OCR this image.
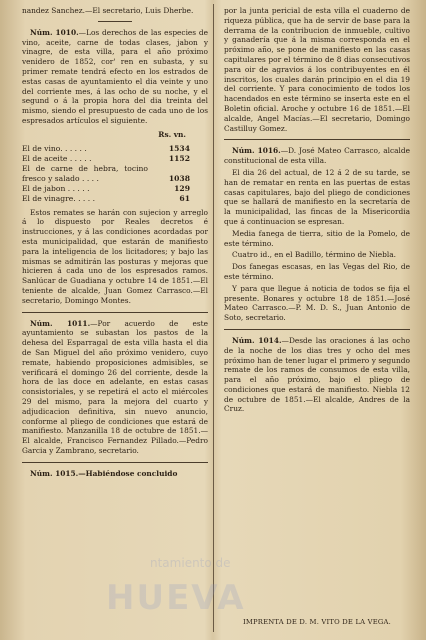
nandez Sanchez.—El secretario, Luis Dherbe.

Núm. 1010.—Los derechos de las especies de vino, aceite, carne de todas clases, jabon y vinagre, de esta villa, para el año próximo venidero de 1852, cor' ren en subasta, y su primer remate tendrá efecto en los estrados de estas casas de ayuntamiento el dia veinte y uno del corriente mes, á las ocho de su noche, y el segund o á la propia hora del dia treinta del mismo, siendo el presupuesto de cada uno de los espresados artículos el siguiente.

Rs. vn.
El de vino. . . . . .	1534
El de aceite . . . . .	1152
El de carne de hebra, tocino fresco y salado . . . .	1038
El de jabon . . . . .	129
El de vinagre. . . . .	61

Estos remates se harán con sujecion y arreglo á lo dispuesto por Reales decretos é instrucciones, y á las condiciones acordadas por esta municipalidad, que estarán de manifiesto para la inteligencia de los licitadores; y bajo las mismas se admitirán las posturas y mejoras que hicieren á cada uno de los espresados ramos. Sanlúcar de Guadiana y octubre 14 de 1851.—El teniente de alcalde, Juan Gomez Carrasco.—El secretario, Domingo Montes.

Núm. 1011.—Por acuerdo de este ayuntamiento se subastan los pastos de la dehesa del Esparragal de esta villa hasta el dia de San Miguel del año próximo venidero, cuyo remate, habiendo proposiciones admisibles, se verificará el domingo 26 del corriente, desde la hora de las doce en adelante, en estas casas consistoriales, y se repetirá el acto el miércoles 29 del mismo, para la mejora del cuarto y adjudicacion definitiva, sin nuevo anuncio, conforme al pliego de condiciones que estará de manifiesto. Manzanilla 18 de octubre de 1851.—El alcalde, Francisco Fernandez Pillado.—Pedro Garcia y Zambrano, secretario.

Núm. 1015.—Habiéndose concluido

por la junta pericial de esta villa el cuaderno de riqueza pública, que ha de servir de base para la derrama de la contribucion de inmueble, cultivo y ganadería que á la misma corresponda en el próximo año, se pone de manifiesto en las casas capitulares por el término de 8 dias consecutivos para oir de agravios á los contribuyentes en él inscritos, los cuales darán principio en el dia 19 del corriente. Y para conocimiento de todos los hacendados en este término se inserta este en el Boletin oficial. Aroche y octubre 16 de 1851.—El alcalde, Angel Macías.—El secretario, Domingo Castilluy Gomez.

Núm. 1016.—D. José Mateo Carrasco, alcalde constitucional de esta villa.

El dia 26 del actual, de 12 á 2 de su tarde, se han de rematar en renta en las puertas de estas casas capitulares, bajo del pliego de condiciones que se hallará de manifiesto en la secretaría de la municipalidad, las fincas de la Misericordia que á continuacion se espresan.

Media fanega de tierra, sitio de la Pomelo, de este término.

Cuatro id., en el Badillo, término de Niebla.

Dos fanegas escasas, en las Vegas del Rio, de este término.

Y para que llegue á noticia de todos se fija el presente. Bonares y octubre 18 de 1851.—José Mateo Carrasco.—P. M. D. S., Juan Antonio de Soto, secretario.

Núm. 1014.—Desde las oraciones á las ocho de la noche de los dias tres y ocho del mes próximo han de tener lugar el primero y segundo remate de los ramos de consumos de esta villa, para el año próximo, bajo el pliego de condiciones que estará de manifiesto. Niebla 12 de octubre de 1851.—El alcalde, Andres de la Cruz.

IMPRENTA DE D. M. VITO DE LA VEGA.
ntamiento de
HUEVA
